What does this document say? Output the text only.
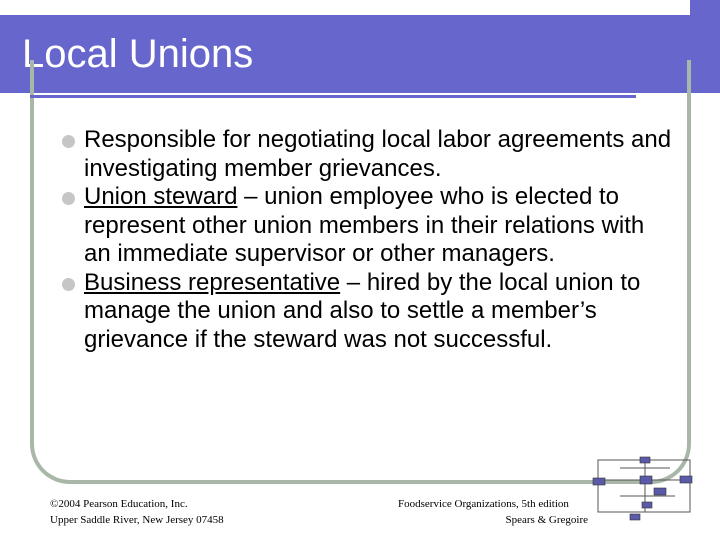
Local Unions
Responsible for negotiating local labor agreements and investigating member grievances.
Union steward – union employee who is elected to represent other union members in their relations with an immediate supervisor or other managers.
Business representative – hired by the local union to manage the union and also to settle a member’s grievance if the steward was not successful.
©2004 Pearson Education, Inc.
Upper Saddle River, New Jersey 07458
Foodservice Organizations, 5th edition
Spears & Gregoire
